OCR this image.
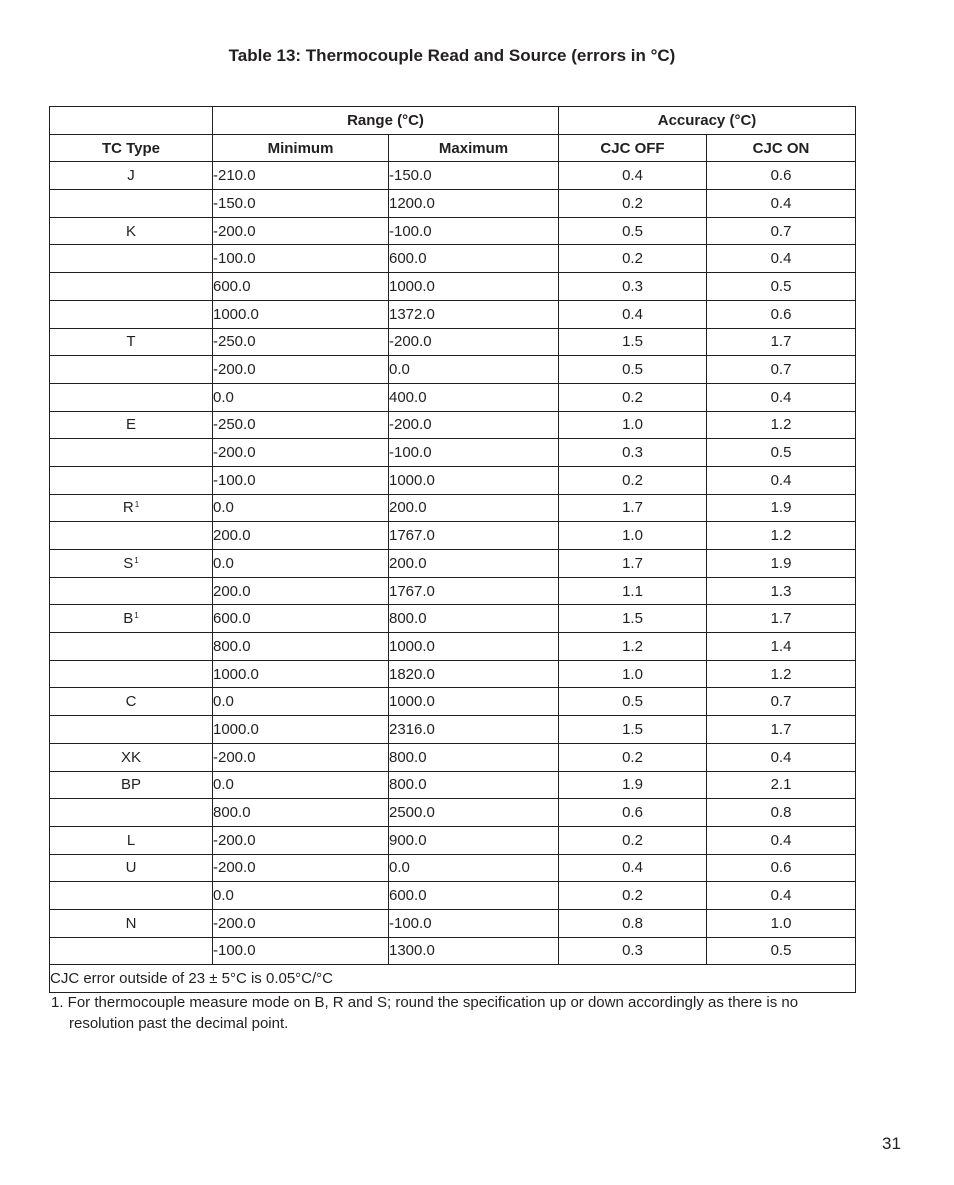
Table 13: Thermocouple Read and Source (errors in °C)
	Range (°C)		Accuracy (°C)	
TC Type	Minimum	Maximum	CJC OFF	CJC ON
J	-210.0	-150.0	0.4	0.6
	-150.0	1200.0	0.2	0.4
K	-200.0	-100.0	0.5	0.7
	-100.0	600.0	0.2	0.4
	600.0	1000.0	0.3	0.5
	1000.0	1372.0	0.4	0.6
T	-250.0	-200.0	1.5	1.7
	-200.0	0.0	0.5	0.7
	0.0	400.0	0.2	0.4
E	-250.0	-200.0	1.0	1.2
	-200.0	-100.0	0.3	0.5
	-100.0	1000.0	0.2	0.4
$R^1$	0.0	200.0	1.7	1.9
	200.0	1767.0	1.0	1.2
$S^1$	0.0	200.0	1.7	1.9
	200.0	1767.0	1.1	1.3
$B^1$	600.0	800.0	1.5	1.7
	800.0	1000.0	1.2	1.4
	1000.0	1820.0	1.0	1.2
C	0.0	1000.0	0.5	0.7
	1000.0	2316.0	1.5	1.7
XK	-200.0	800.0	0.2	0.4
BP	0.0	800.0	1.9	2.1
	800.0	2500.0	0.6	0.8
L	-200.0	900.0	0.2	0.4
U	-200.0	0.0	0.4	0.6
	0.0	600.0	0.2	0.4
N	-200.0	-100.0	0.8	1.0
	-100.0	1300.0	0.3	0.5
CJC error outside of 23 ± 5°C is 0.05°C/°C				
1. For thermocouple measure mode on B, R and S; round the specification up or down accordingly as there is no resolution past the decimal point.
31
